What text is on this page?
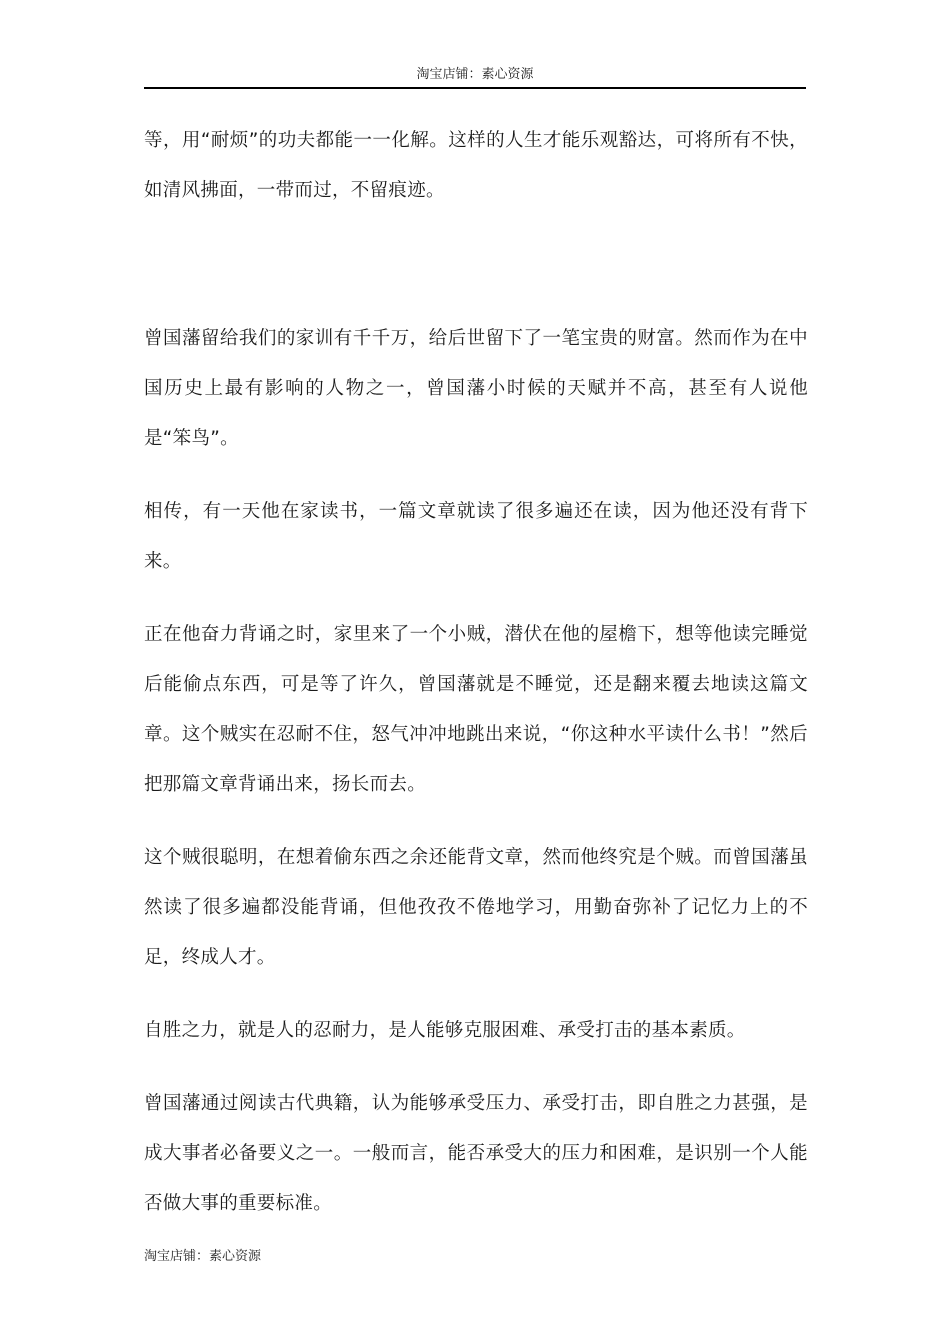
淘宝店铺：素心资源

等，用“耐烦”的功夫都能一一化解。这样的人生才能乐观豁达，可将所有不快，如清风拂面，一带而过，不留痕迹。

曾国藩留给我们的家训有千千万，给后世留下了一笔宝贵的财富。然而作为在中国历史上最有影响的人物之一，曾国藩小时候的天赋并不高，甚至有人说他是“笨鸟”。

相传，有一天他在家读书，一篇文章就读了很多遍还在读，因为他还没有背下来。

正在他奋力背诵之时，家里来了一个小贼，潜伏在他的屋檐下，想等他读完睡觉后能偷点东西，可是等了许久，曾国藩就是不睡觉，还是翻来覆去地读这篇文章。这个贼实在忍耐不住，怒气冲冲地跳出来说，“你这种水平读什么书！”然后把那篇文章背诵出来，扬长而去。

这个贼很聪明，在想着偷东西之余还能背文章，然而他终究是个贼。而曾国藩虽然读了很多遍都没能背诵，但他孜孜不倦地学习，用勤奋弥补了记忆力上的不足，终成人才。

自胜之力，就是人的忍耐力，是人能够克服困难、承受打击的基本素质。

曾国藩通过阅读古代典籍，认为能够承受压力、承受打击，即自胜之力甚强，是成大事者必备要义之一。一般而言，能否承受大的压力和困难，是识别一个人能否做大事的重要标准。

淘宝店铺：素心资源
